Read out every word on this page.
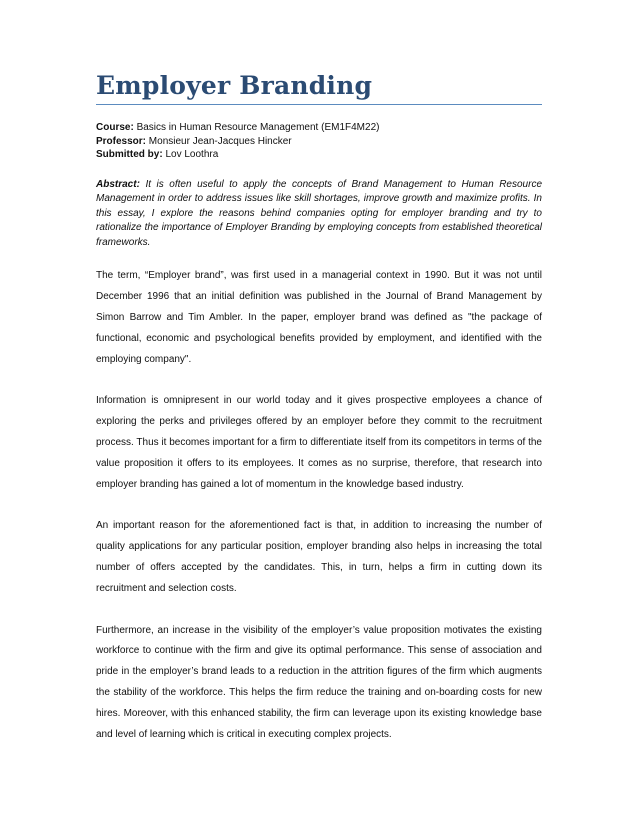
Employer Branding
Course: Basics in Human Resource Management (EM1F4M22)
Professor: Monsieur Jean-Jacques Hincker
Submitted by: Lov Loothra
Abstract: It is often useful to apply the concepts of Brand Management to Human Resource Management in order to address issues like skill shortages, improve growth and maximize profits. In this essay, I explore the reasons behind companies opting for employer branding and try to rationalize the importance of Employer Branding by employing concepts from established theoretical frameworks.

The term, “Employer brand”, was first used in a managerial context in 1990. But it was not until December 1996 that an initial definition was published in the Journal of Brand Management by Simon Barrow and Tim Ambler. In the paper, employer brand was defined as "the package of functional, economic and psychological benefits provided by employment, and identified with the employing company".

Information is omnipresent in our world today and it gives prospective employees a chance of exploring the perks and privileges offered by an employer before they commit to the recruitment process. Thus it becomes important for a firm to differentiate itself from its competitors in terms of the value proposition it offers to its employees. It comes as no surprise, therefore, that research into employer branding has gained a lot of momentum in the knowledge based industry.

An important reason for the aforementioned fact is that, in addition to increasing the number of quality applications for any particular position, employer branding also helps in increasing the total number of offers accepted by the candidates. This, in turn, helps a firm in cutting down its recruitment and selection costs.

Furthermore, an increase in the visibility of the employer’s value proposition motivates the existing workforce to continue with the firm and give its optimal performance. This sense of association and pride in the employer’s brand leads to a reduction in the attrition figures of the firm which augments the stability of the workforce. This helps the firm reduce the training and on-boarding costs for new hires. Moreover, with this enhanced stability, the firm can leverage upon its existing knowledge base and level of learning which is critical in executing complex projects.
